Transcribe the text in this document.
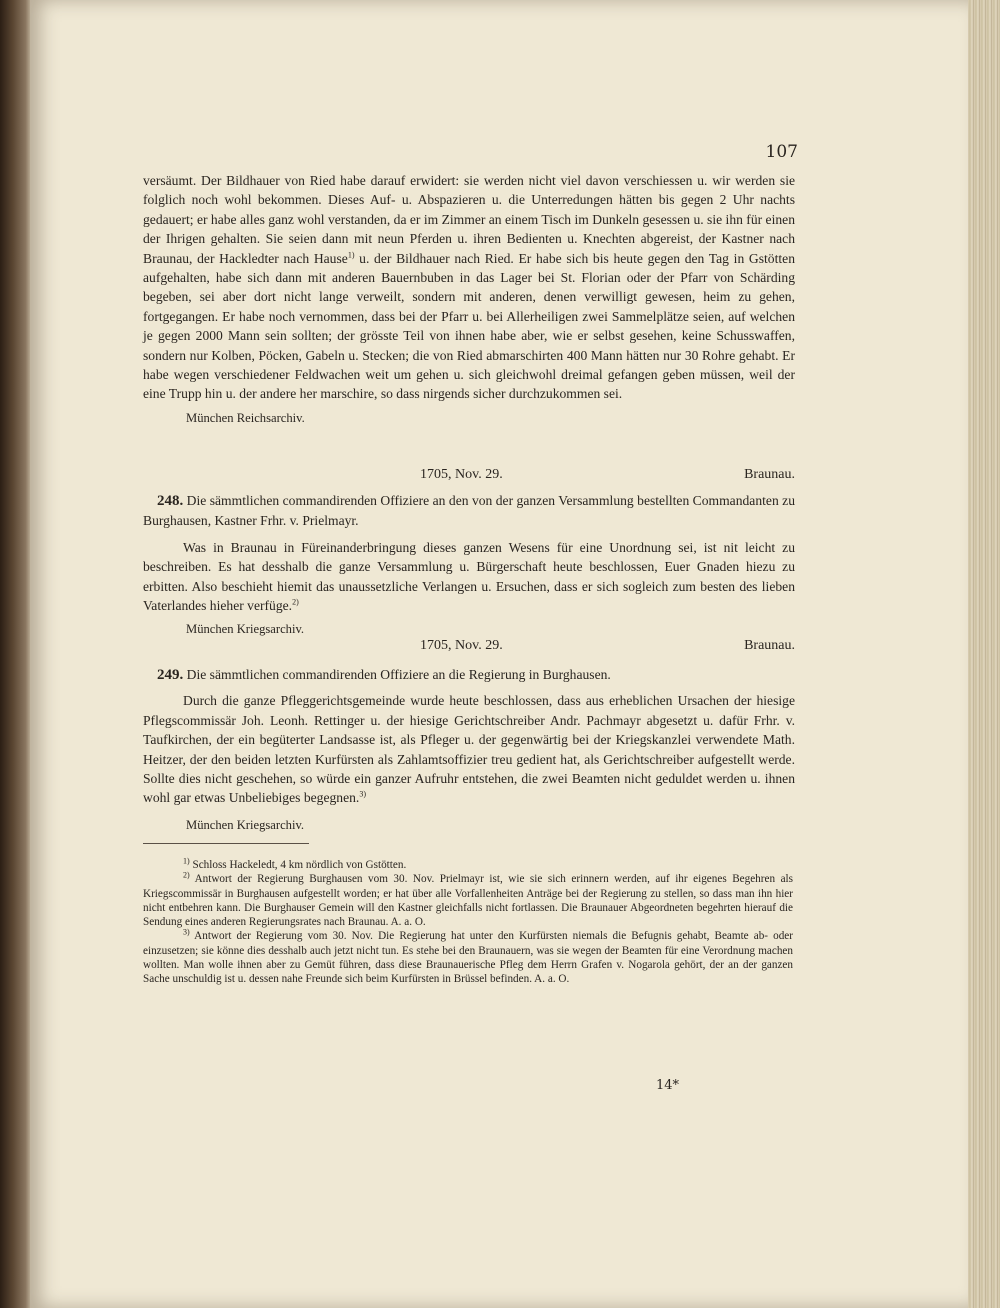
107

versäumt. Der Bildhauer von Ried habe darauf erwidert: sie werden nicht viel davon verschiessen u. wir werden sie folglich noch wohl bekommen. Dieses Auf- u. Abspazieren u. die Unterredungen hätten bis gegen 2 Uhr nachts gedauert; er habe alles ganz wohl verstanden, da er im Zimmer an einem Tisch im Dunkeln gesessen u. sie ihn für einen der Ihrigen gehalten. Sie seien dann mit neun Pferden u. ihren Bedienten u. Knechten abgereist, der Kastner nach Braunau, der Hackledter nach Hause$^{1)}$ u. der Bildhauer nach Ried. Er habe sich bis heute gegen den Tag in Gstötten aufgehalten, habe sich dann mit anderen Bauernbuben in das Lager bei St. Florian oder der Pfarr von Schärding begeben, sei aber dort nicht lange verweilt, sondern mit anderen, denen verwilligt gewesen, heim zu gehen, fortgegangen. Er habe noch vernommen, dass bei der Pfarr u. bei Allerheiligen zwei Sammelplätze seien, auf welchen je gegen 2000 Mann sein sollten; der grösste Teil von ihnen habe aber, wie er selbst gesehen, keine Schusswaffen, sondern nur Kolben, Pöcken, Gabeln u. Stecken; die von Ried abmarschirten 400 Mann hätten nur 30 Rohre gehabt. Er habe wegen verschiedener Feldwachen weit um gehen u. sich gleichwohl dreimal gefangen geben müssen, weil der eine Trupp hin u. der andere her marschire, so dass nirgends sicher durchzukommen sei.

München Reichsarchiv.

1705, Nov. 29.	Braunau.

248. Die sämmtlichen commandirenden Offiziere an den von der ganzen Versammlung bestellten Commandanten zu Burghausen, Kastner Frhr. v. Prielmayr.

Was in Braunau in Füreinanderbringung dieses ganzen Wesens für eine Unordnung sei, ist nit leicht zu beschreiben. Es hat desshalb die ganze Versammlung u. Bürgerschaft heute beschlossen, Euer Gnaden hiezu zu erbitten. Also beschieht hiemit das unaussetzliche Verlangen u. Ersuchen, dass er sich sogleich zum besten des lieben Vaterlandes hieher verfüge.$^{2)}$

München Kriegsarchiv.

1705, Nov. 29.	Braunau.

249. Die sämmtlichen commandirenden Offiziere an die Regierung in Burghausen.

Durch die ganze Pfleggerichtsgemeinde wurde heute beschlossen, dass aus erheblichen Ursachen der hiesige Pflegscommissär Joh. Leonh. Rettinger u. der hiesige Gerichtschreiber Andr. Pachmayr abgesetzt u. dafür Frhr. v. Taufkirchen, der ein begüterter Landsasse ist, als Pfleger u. der gegenwärtig bei der Kriegskanzlei verwendete Math. Heitzer, der den beiden letzten Kurfürsten als Zahlamtsoffizier treu gedient hat, als Gerichtschreiber aufgestellt werde. Sollte dies nicht geschehen, so würde ein ganzer Aufruhr entstehen, die zwei Beamten nicht geduldet werden u. ihnen wohl gar etwas Unbeliebiges begegnen.$^{3)}$

München Kriegsarchiv.

$^{1)}$ Schloss Hackeledt, 4 km nördlich von Gstötten.

$^{2)}$ Antwort der Regierung Burghausen vom 30. Nov. Prielmayr ist, wie sie sich erinnern werden, auf ihr eigenes Begehren als Kriegscommissär in Burghausen aufgestellt worden; er hat über alle Vorfallenheiten Anträge bei der Regierung zu stellen, so dass man ihn hier nicht entbehren kann. Die Burghauser Gemein will den Kastner gleichfalls nicht fortlassen. Die Braunauer Abgeordneten begehrten hierauf die Sendung eines anderen Regierungsrates nach Braunau. A. a. O.

$^{3)}$ Antwort der Regierung vom 30. Nov. Die Regierung hat unter den Kurfürsten niemals die Befugnis gehabt, Beamte ab- oder einzusetzen; sie könne dies desshalb auch jetzt nicht tun. Es stehe bei den Braunauern, was sie wegen der Beamten für eine Verordnung machen wollten. Man wolle ihnen aber zu Gemüt führen, dass diese Braunauerische Pfleg dem Herrn Grafen v. Nogarola gehört, der an der ganzen Sache unschuldig ist u. dessen nahe Freunde sich beim Kurfürsten in Brüssel befinden. A. a. O.

14*
